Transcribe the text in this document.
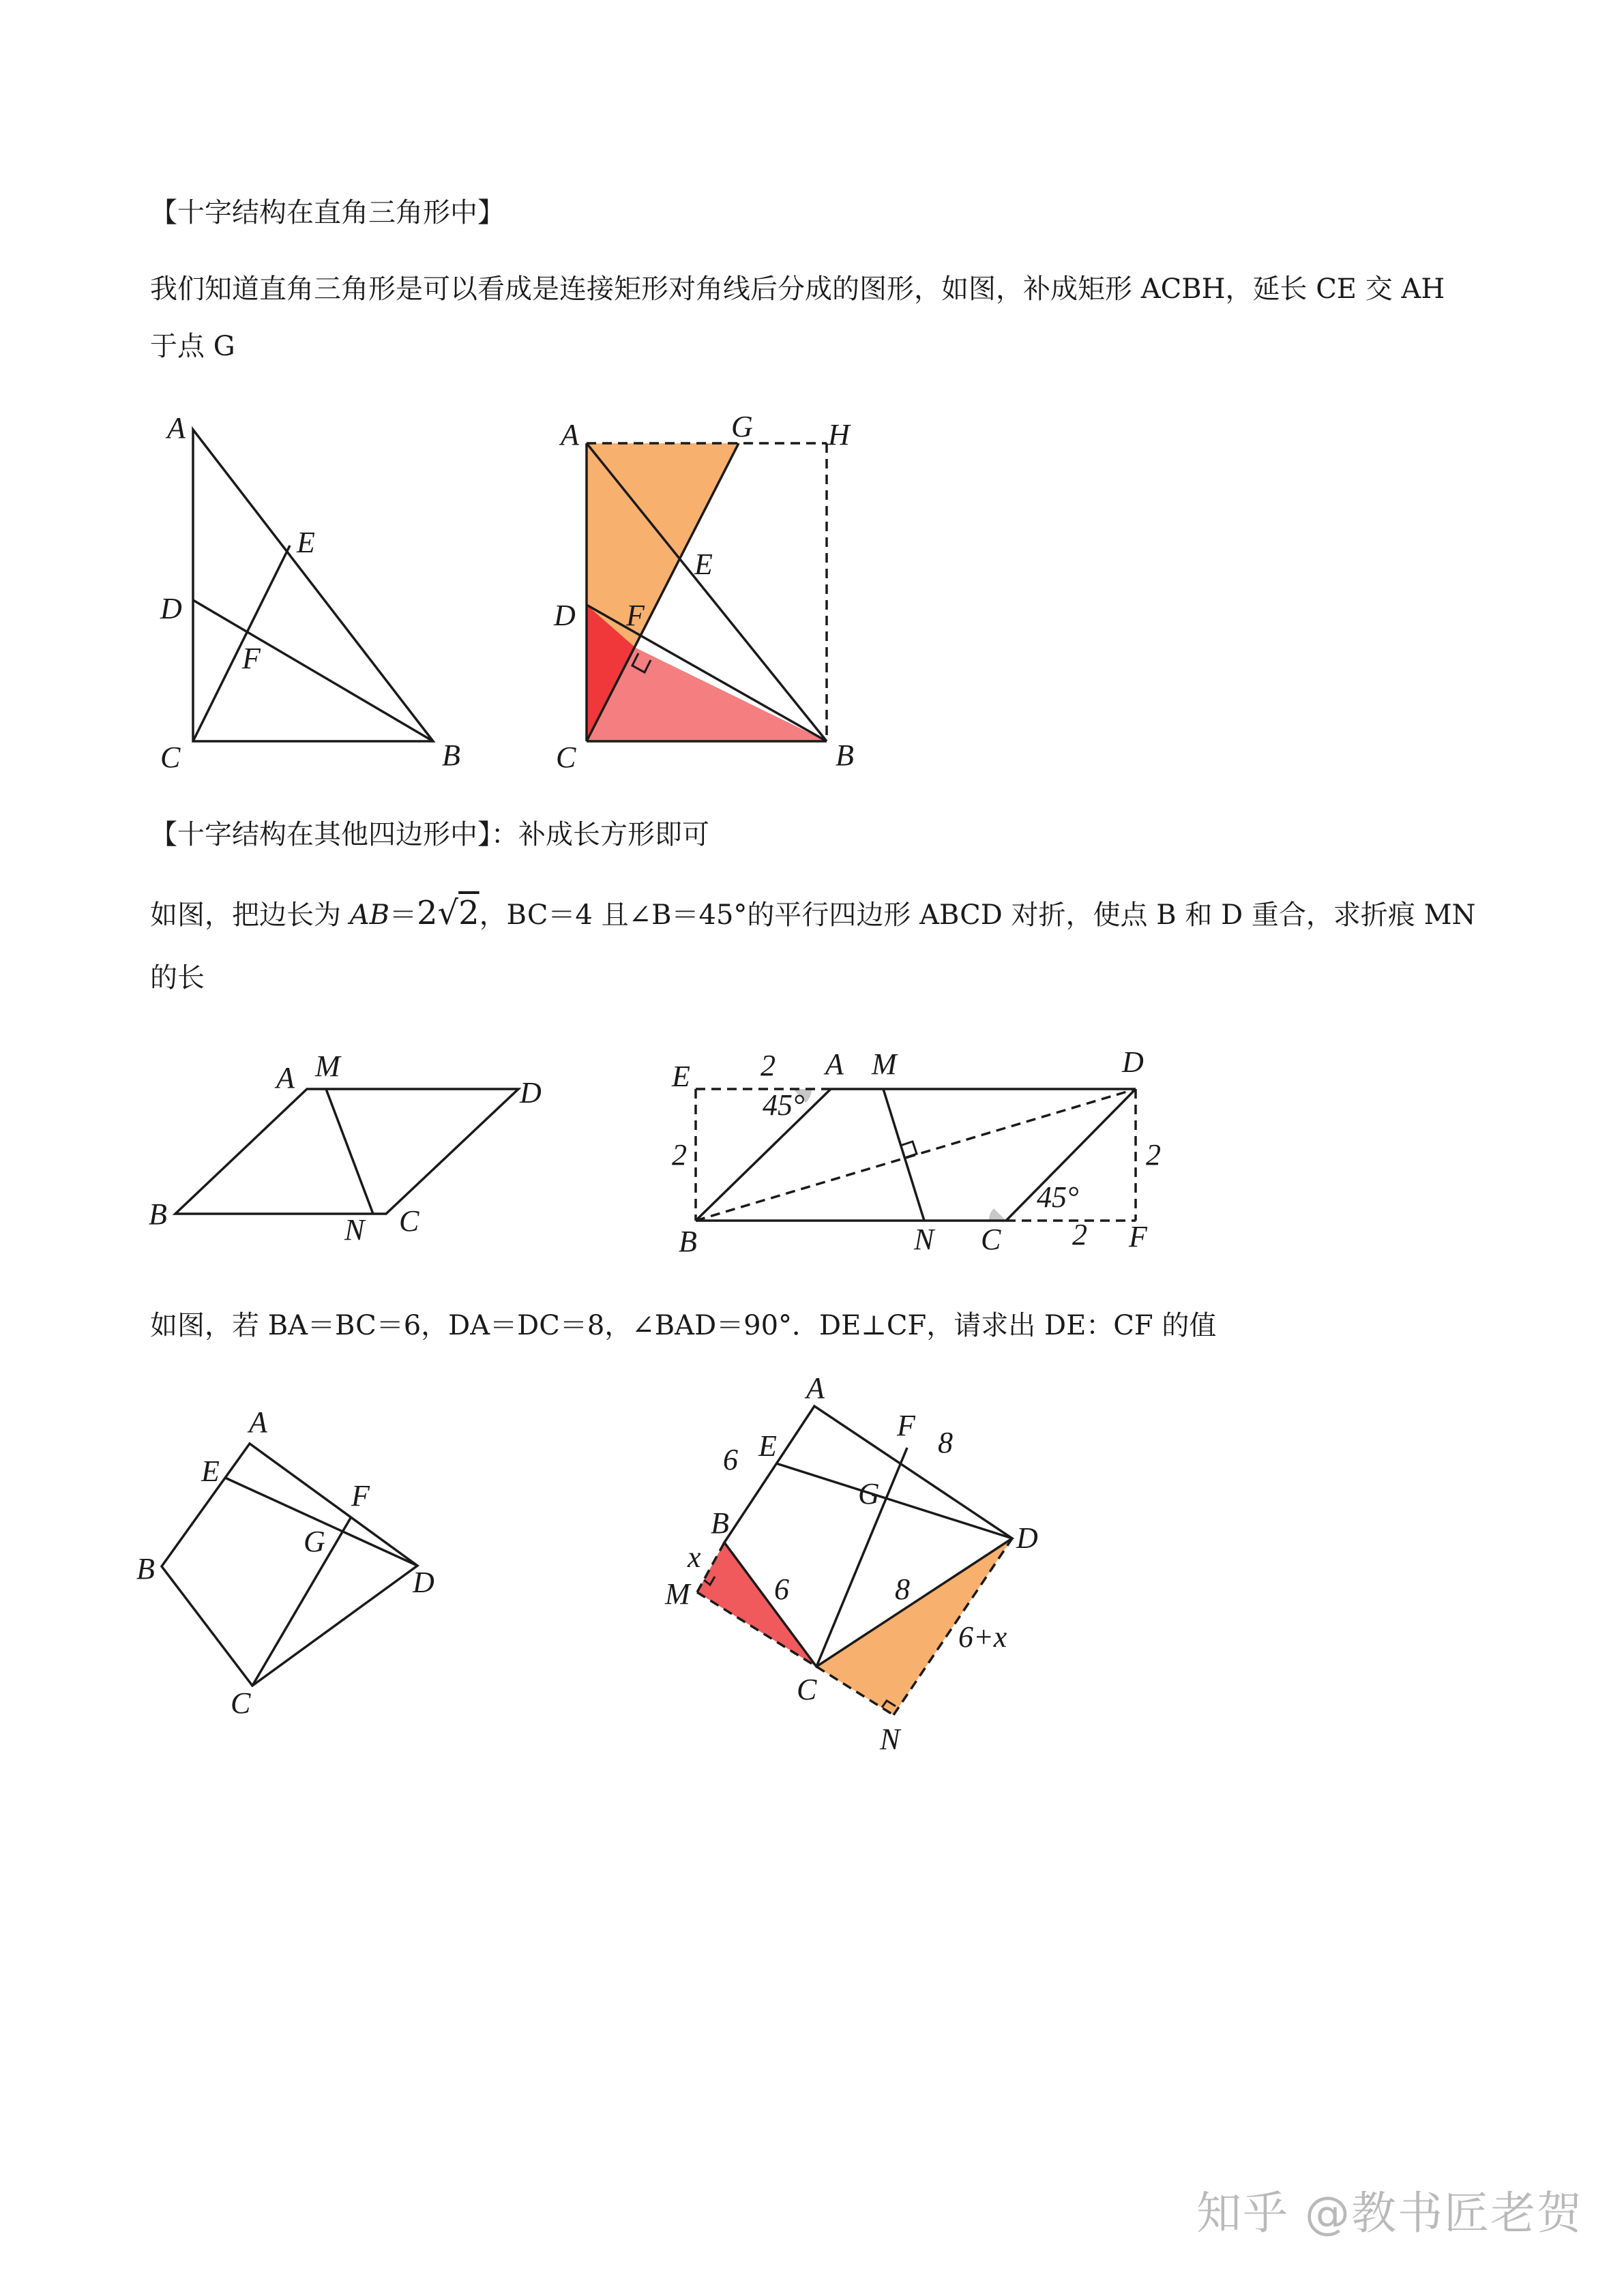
【十字结构在直角三角形中】
我们知道直角三角形是可以看成是连接矩形对角线后分成的图形，如图，补成矩形 ACBH，延长 CE 交 AH
于点 G
【十字结构在其他四边形中】：补成长方形即可
如图，把边长为 AB＝2√2，BC＝4 且∠B＝45°的平行四边形 ABCD 对折，使点 B 和 D 重合，求折痕 MN
的长
如图，若 BA＝BC＝6，DA＝DC＝8，∠BAD＝90°．DE⊥CF，请求出 DE：CF 的值
A
E
D
F
C	B
A	G	H
E
D F
C	B
A M
D
B	N C
E	A M	D
B	N C	F
2
2	2
2
45°
45°
A
E
F
G
B	D
C
A
E
F
G
B
M
D
C
N
6
8
x
6	8
6+x
知乎 @教书匠老贺
